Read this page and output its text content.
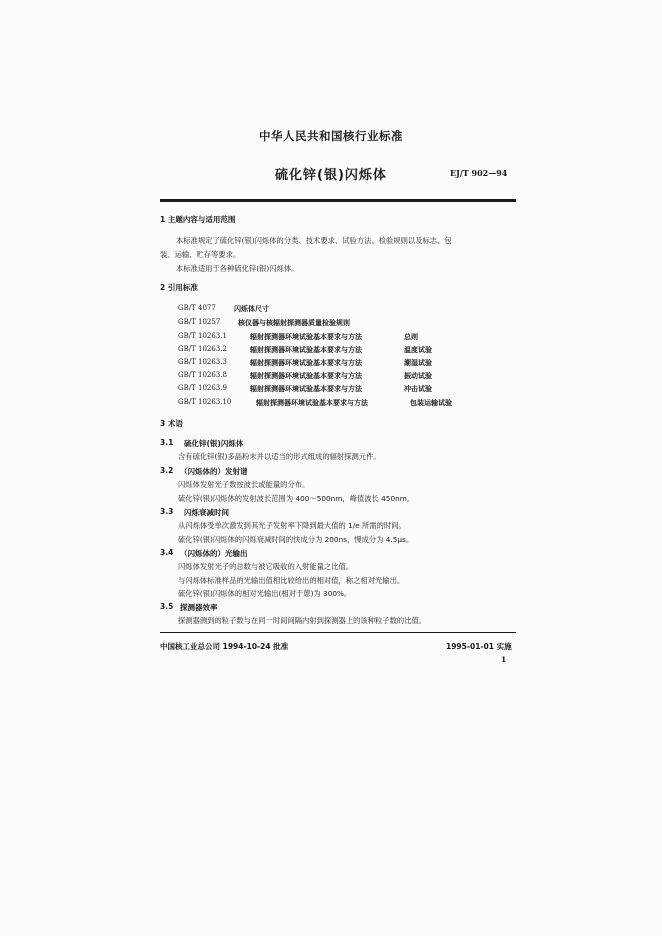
中华人民共和国核行业标准
硫化锌(银)闪烁体	EJ/T 902—94
1 主题内容与适用范围
本标准规定了硫化锌(银)闪烁体的分类、技术要求、试验方法、检验规则以及标志、包
装、运输、贮存等要求。
本标准适用于各种硫化锌(银)闪烁体。
2 引用标准
GB/T 4077	闪烁体尺寸
GB/T 10257	核仪器与核辐射探测器质量检验规则
GB/T 10263.1	辐射探测器环境试验基本要求与方法	总则
GB/T 10263.2	辐射探测器环境试验基本要求与方法	温度试验
GB/T 10263.3	辐射探测器环境试验基本要求与方法	潮湿试验
GB/T 10263.8	辐射探测器环境试验基本要求与方法	振动试验
GB/T 10263.9	辐射探测器环境试验基本要求与方法	冲击试验
GB/T 10263.10	辐射探测器环境试验基本要求与方法	包装运输试验
3 术语
3.1 硫化锌(银)闪烁体
含有硫化锌(银)多晶粉末并以适当的形式组成的辐射探测元件。
3.2 （闪烁体的）发射谱
闪烁体发射光子数按波长或能量的分布。
硫化锌(银)闪烁体的发射波长范围为 400～500nm，峰值波长 450nm。
3.3 闪烁衰减时间
从闪烁体受单次激发到其光子发射率下降到最大值的 1/e 所需的时间。
硫化锌(银)闪烁体的闪烁衰减时间的快成分为 200ns，慢成分为 4.5μs。
3.4 （闪烁体的）光输出
闪烁体发射光子的总数与被它吸收的入射能量之比值。
与闪烁体标准样品的光输出值相比较给出的相对值，称之相对光输出。
硫化锌(银)闪烁体的相对光输出(相对于蒽)为 300%。
3.5 探测器效率
探测器测到的粒子数与在同一时间间隔内射到探测器上的该种粒子数的比值。
中国核工业总公司 1994-10-24 批准	1995-01-01 实施
1
